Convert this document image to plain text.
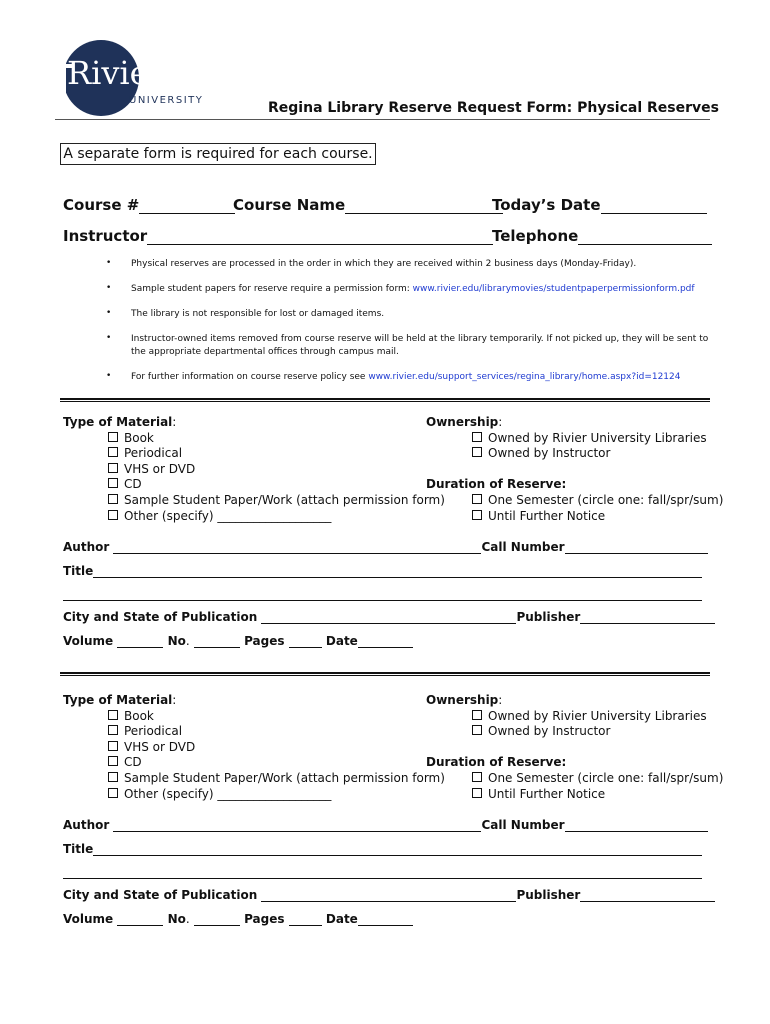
Rivier
UNIVERSITY	Regina Library Reserve Request Form: Physical Reserves
A separate form is required for each course.
Course #	Course Name	Today’s Date
Instructor	Telephone
• Physical reserves are processed in the order in which they are received within 2 business days (Monday-Friday).
• Sample student papers for reserve require a permission form: www.rivier.edu/librarymovies/studentpaperpermissionform.pdf
• The library is not responsible for lost or damaged items.
• Instructor-owned items removed from course reserve will be held at the library temporarily. If not picked up, they will be sent to the appropriate departmental offices through campus mail.
• For further information on course reserve policy see www.rivier.edu/support_services/regina_library/home.aspx?id=12124
Type of Material:
Book
Periodical
VHS or DVD
CD
Sample Student Paper/Work (attach permission form)
Other (specify) ___________________
Ownership:
Owned by Rivier University Libraries
Owned by Instructor
Duration of Reserve:
One Semester (circle one: fall/spr/sum)
Until Further Notice
Author	Call Number
Title
City and State of Publication	Publisher
Volume	No.	Pages	Date
Type of Material:
Book
Periodical
VHS or DVD
CD
Sample Student Paper/Work (attach permission form)
Other (specify) ___________________
Ownership:
Owned by Rivier University Libraries
Owned by Instructor
Duration of Reserve:
One Semester (circle one: fall/spr/sum)
Until Further Notice
Author	Call Number
Title
City and State of Publication	Publisher
Volume	No.	Pages	Date
